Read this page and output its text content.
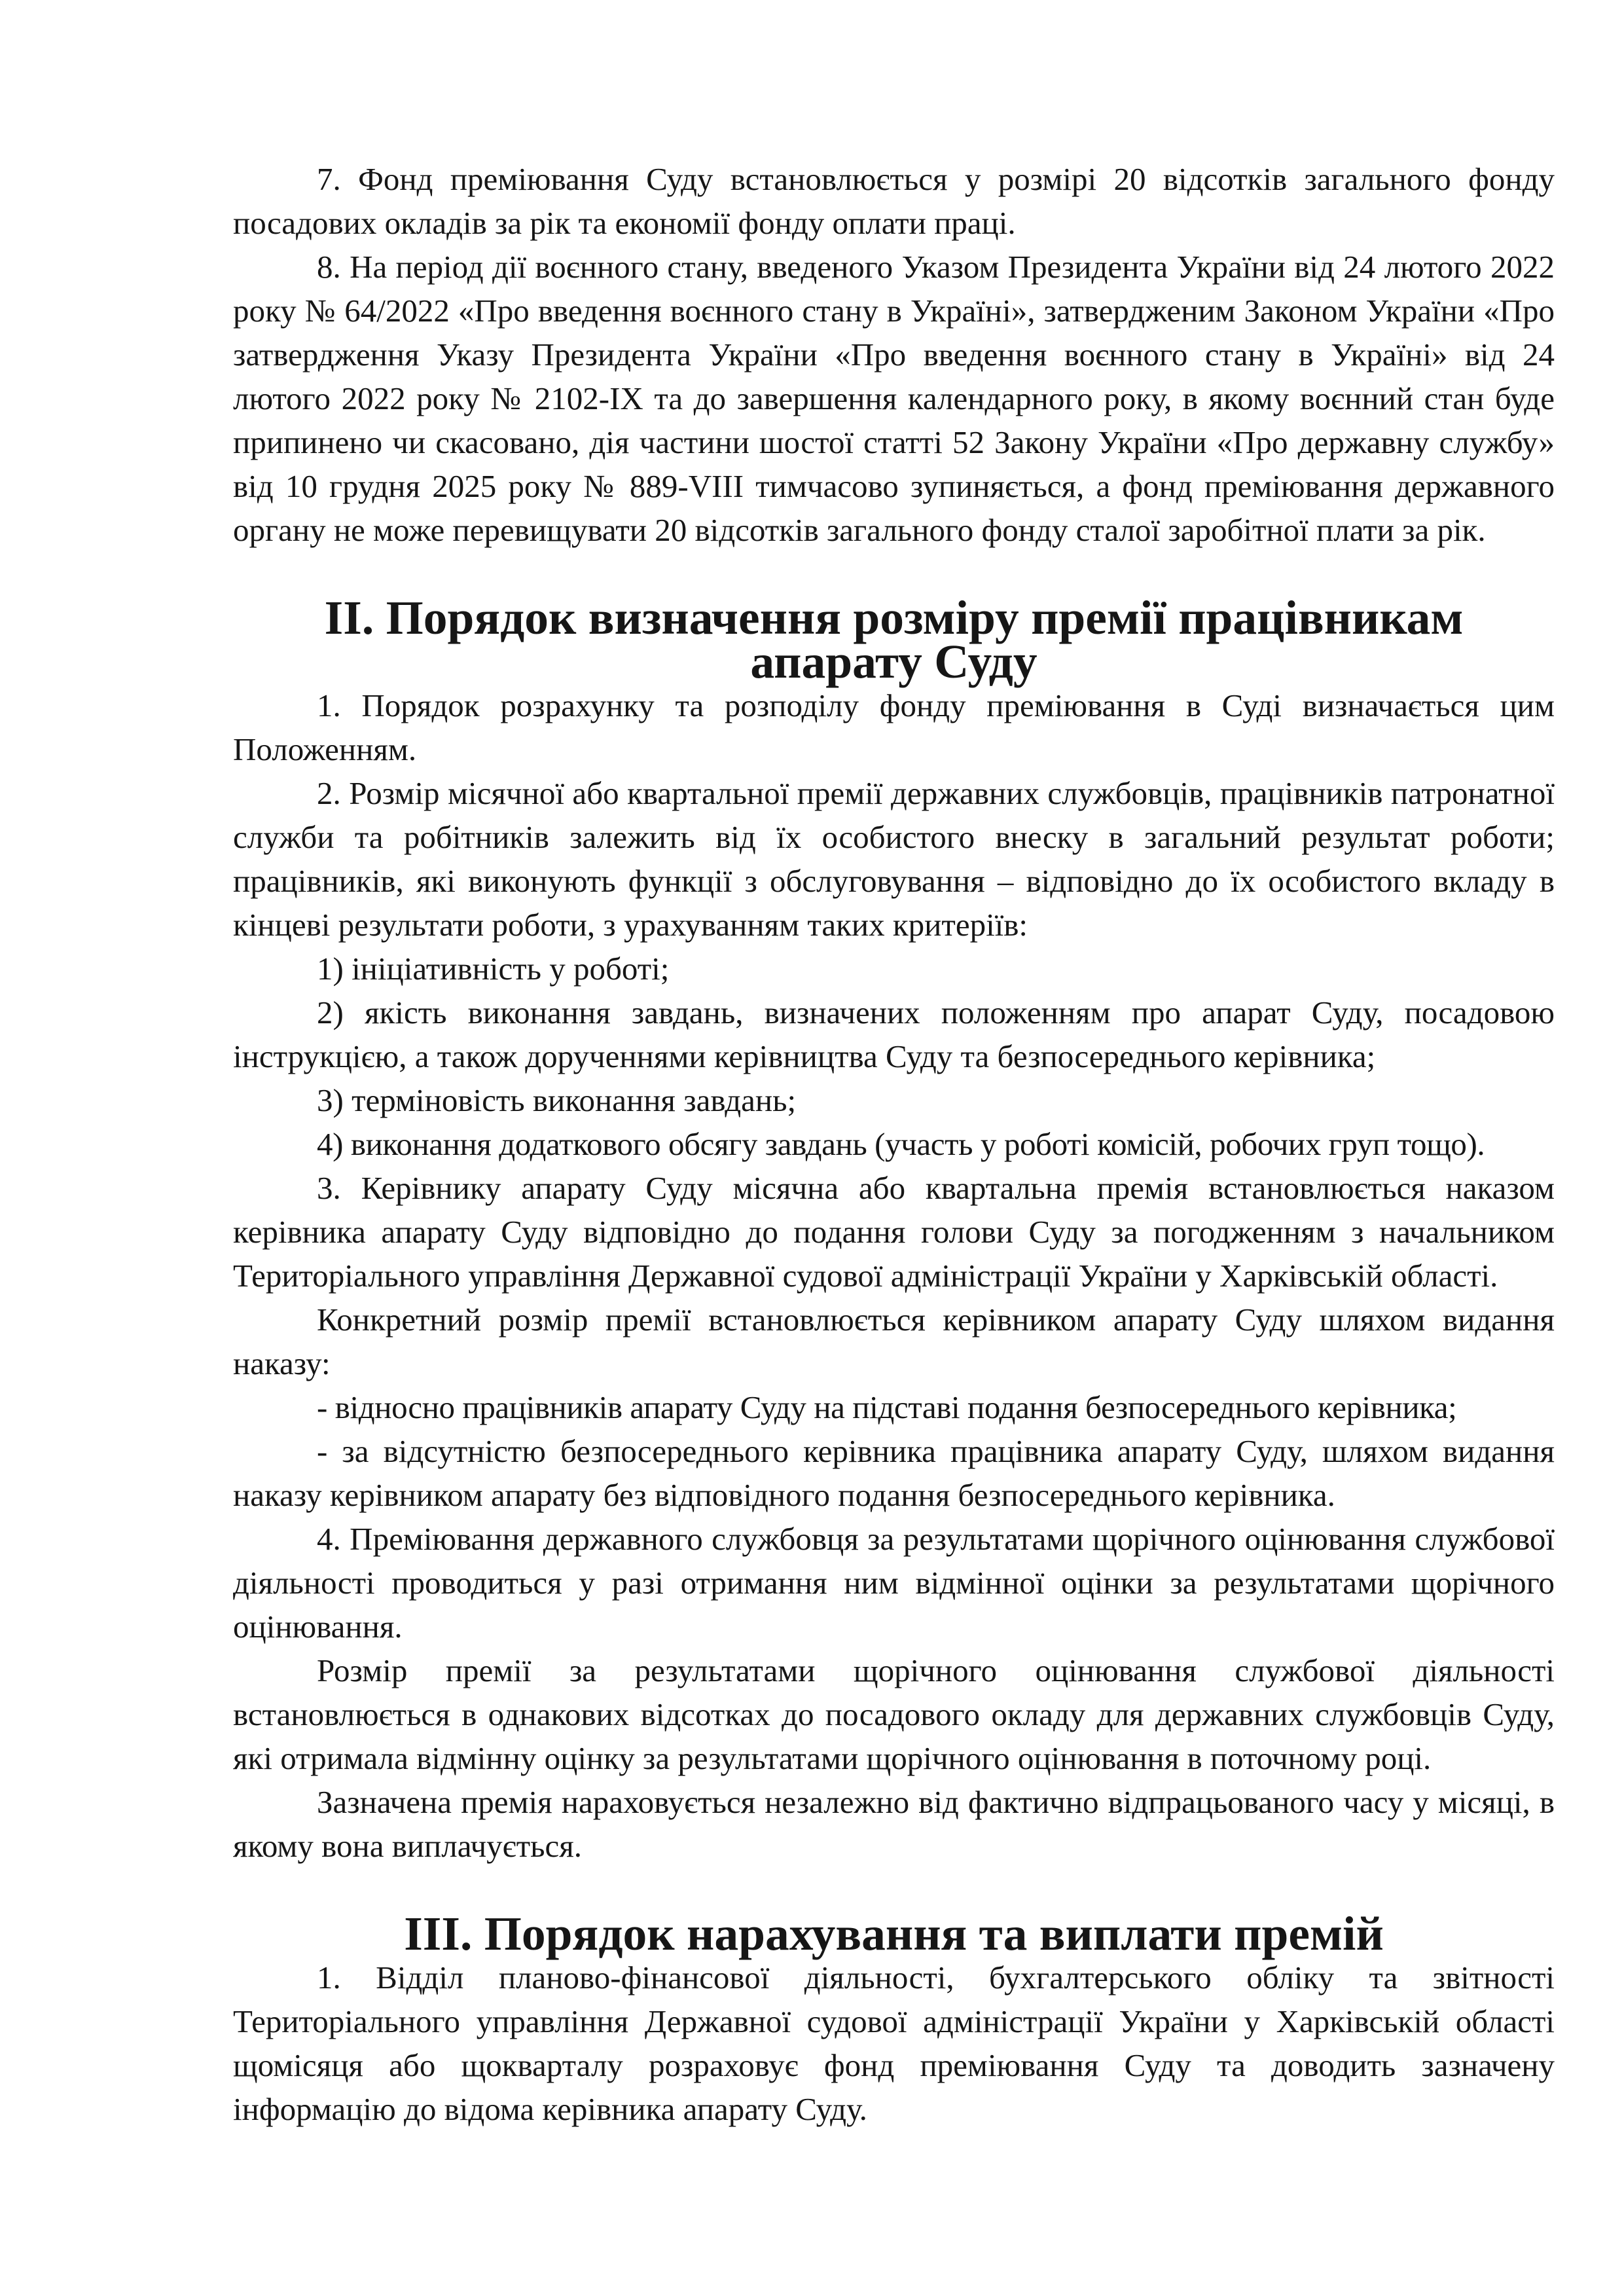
7. Фонд преміювання Суду встановлюється у розмірі 20 відсотків загального фонду посадових окладів за рік та економії фонду оплати праці.

8. На період дії воєнного стану, введеного Указом Президента України від 24 лютого 2022 року № 64/2022 «Про введення воєнного стану в Україні», затвердженим Законом України «Про затвердження Указу Президента України «Про введення воєнного стану в Україні» від 24 лютого 2022 року № 2102-IX та до завершення календарного року, в якому воєнний стан буде припинено чи скасовано, дія частини шостої статті 52 Закону України «Про державну службу» від 10 грудня 2025 року № 889-VIII тимчасово зупиняється, а фонд преміювання державного органу не може перевищувати 20 відсотків загального фонду сталої заробітної плати за рік.

II. Порядок визначення розміру премії працівникам апарату Суду

1. Порядок розрахунку та розподілу фонду преміювання в Суді визначається цим Положенням.

2. Розмір місячної або квартальної премії державних службовців, працівників патронатної служби та робітників залежить від їх особистого внеску в загальний результат роботи; працівників, які виконують функції з обслуговування – відповідно до їх особистого вкладу в кінцеві результати роботи, з урахуванням таких критеріїв:

1) ініціативність у роботі;

2) якість виконання завдань, визначених положенням про апарат Суду, посадовою інструкцією, а також дорученнями керівництва Суду та безпосереднього керівника;

3) терміновість виконання завдань;

4) виконання додаткового обсягу завдань (участь у роботі комісій, робочих груп тощо).

3. Керівнику апарату Суду місячна або квартальна премія встановлюється наказом керівника апарату Суду відповідно до подання голови Суду за погодженням з начальником Територіального управління Державної судової адміністрації України у Харківській області.

Конкретний розмір премії встановлюється керівником апарату Суду шляхом видання наказу:

- відносно працівників апарату Суду на підставі подання безпосереднього керівника;

- за відсутністю безпосереднього керівника працівника апарату Суду, шляхом видання наказу керівником апарату без відповідного подання безпосереднього керівника.

4. Преміювання державного службовця за результатами щорічного оцінювання службової діяльності проводиться у разі отримання ним відмінної оцінки за результатами щорічного оцінювання.

Розмір премії за результатами щорічного оцінювання службової діяльності встановлюється в однакових відсотках до посадового окладу для державних службовців Суду, які отримала відмінну оцінку за результатами щорічного оцінювання в поточному році.

Зазначена премія нараховується незалежно від фактично відпрацьованого часу у місяці, в якому вона виплачується.

III. Порядок нарахування та виплати премій

1. Відділ планово-фінансової діяльності, бухгалтерського обліку та звітності Територіального управління Державної судової адміністрації України у Харківській області щомісяця або щокварталу розраховує фонд преміювання Суду та доводить зазначену інформацію до відома керівника апарату Суду.
